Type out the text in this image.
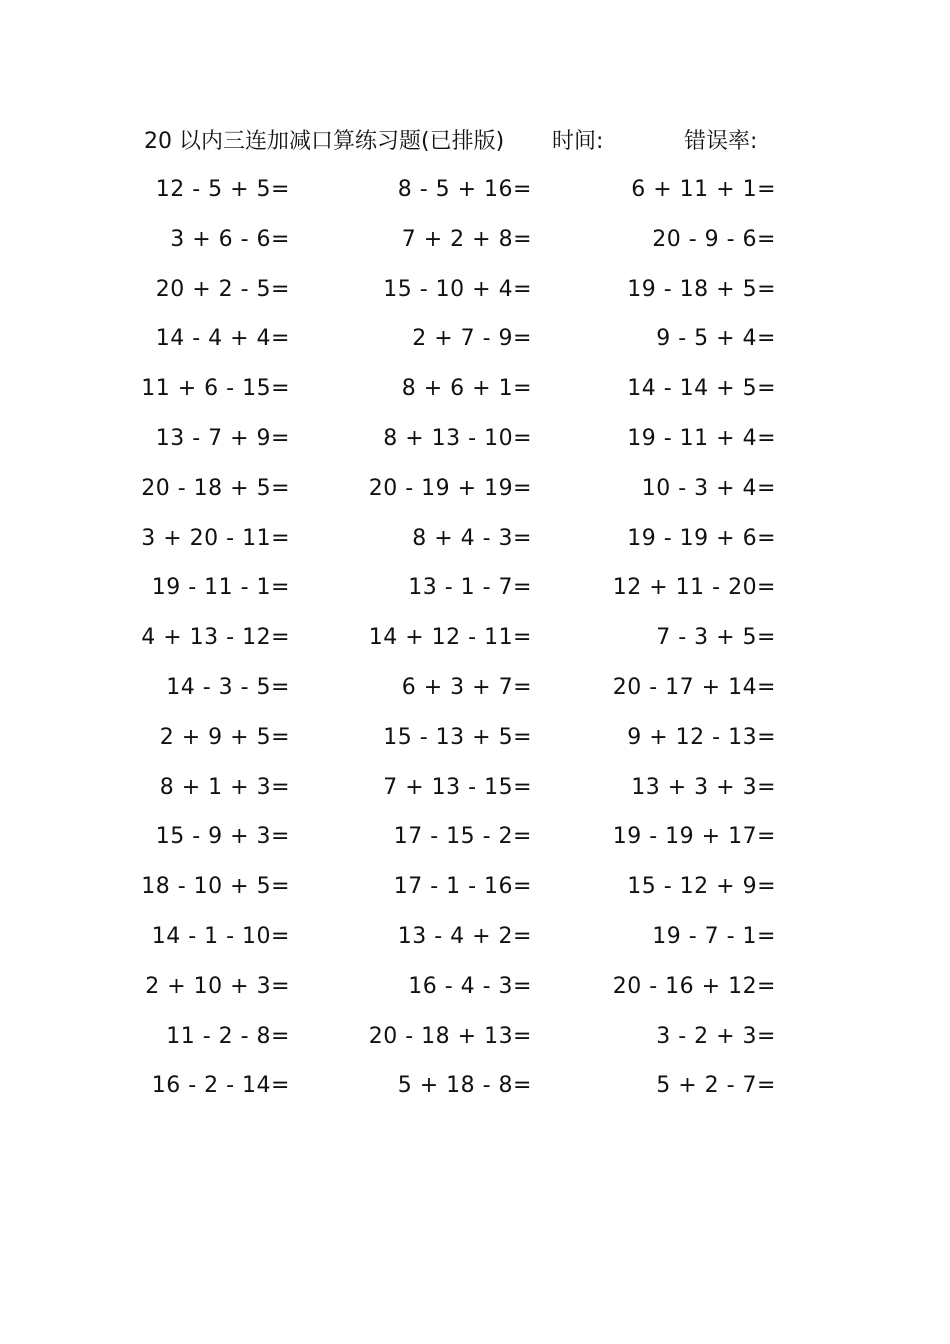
20 以内三连加减口算练习题(已排版) 时间:	错误率:
12 - 5 + 5=	8 - 5 + 16=	6 + 11 + 1=
3 + 6 - 6=	7 + 2 + 8=	20 - 9 - 6=
20 + 2 - 5=	15 - 10 + 4=	19 - 18 + 5=
14 - 4 + 4=	2 + 7 - 9=	9 - 5 + 4=
11 + 6 - 15=	8 + 6 + 1=	14 - 14 + 5=
13 - 7 + 9=	8 + 13 - 10=	19 - 11 + 4=
20 - 18 + 5=	20 - 19 + 19=	10 - 3 + 4=
3 + 20 - 11=	8 + 4 - 3=	19 - 19 + 6=
19 - 11 - 1=	13 - 1 - 7=	12 + 11 - 20=
4 + 13 - 12=	14 + 12 - 11=	7 - 3 + 5=
14 - 3 - 5=	6 + 3 + 7=	20 - 17 + 14=
2 + 9 + 5=	15 - 13 + 5=	9 + 12 - 13=
8 + 1 + 3=	7 + 13 - 15=	13 + 3 + 3=
15 - 9 + 3=	17 - 15 - 2=	19 - 19 + 17=
18 - 10 + 5=	17 - 1 - 16=	15 - 12 + 9=
14 - 1 - 10=	13 - 4 + 2=	19 - 7 - 1=
2 + 10 + 3=	16 - 4 - 3=	20 - 16 + 12=
11 - 2 - 8=	20 - 18 + 13=	3 - 2 + 3=
16 - 2 - 14=	5 + 18 - 8=	5 + 2 - 7=
